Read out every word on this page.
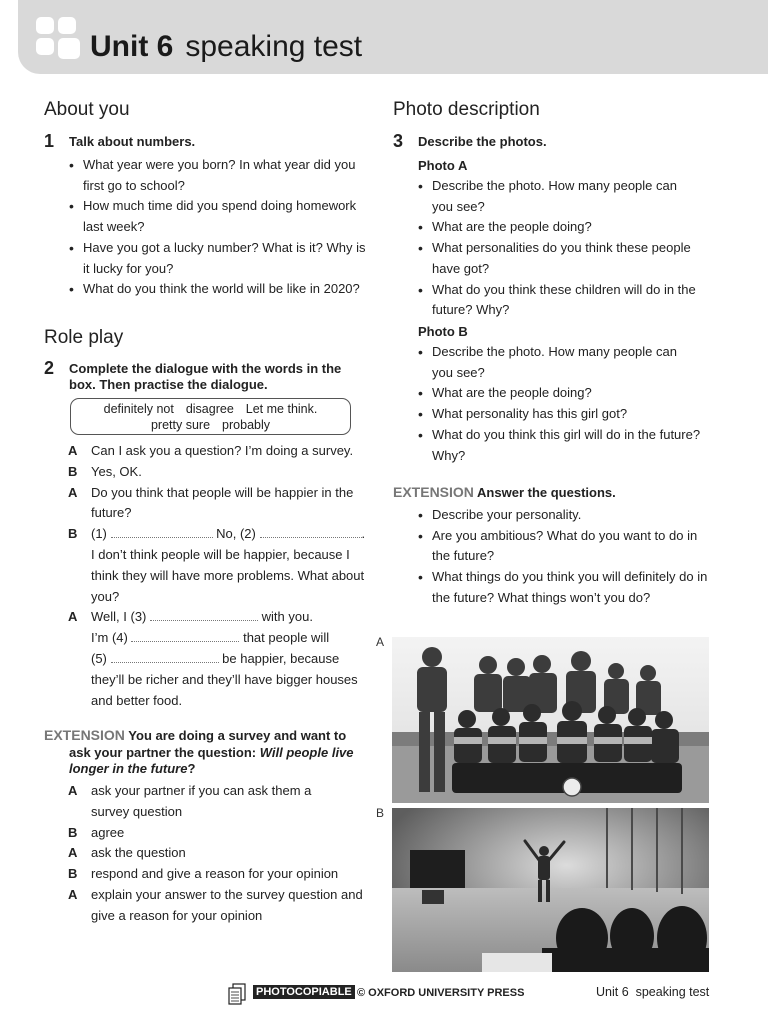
Unit 6 speaking test
About you
1 Talk about numbers.
• What year were you born? In what year did you
first go to school?
• How much time did you spend doing homework
last week?
• Have you got a lucky number? What is it? Why is
it lucky for you?
• What do you think the world will be like in 2020?
Role play
2 Complete the dialogue with the words in the
box. Then practise the dialogue.
definitely not disagree Let me think.
pretty sure probably
A	Can I ask you a question? I’m doing a survey.
B	Yes, OK.
A	Do you think that people will be happier in the
future?
B	(1)	No, (2)	.
I don’t think people will be happier, because I
think they will have more problems. What about
you?
A	Well, I (3)	with you.
I’m (4)	that people will
(5)	be happier, because
they’ll be richer and they’ll have bigger houses
and better food.
EXTENSION You are doing a survey and want to
ask your partner the question: Will people live
longer in the future?
A	ask your partner if you can ask them a
survey question
B	agree
A	ask the question
B	respond and give a reason for your opinion
A	explain your answer to the survey question and
give a reason for your opinion
Photo description
3 Describe the photos.
Photo A
• Describe the photo. How many people can
you see?
• What are the people doing?
• What personalities do you think these people
have got?
• What do you think these children will do in the
future? Why?
Photo B
• Describe the photo. How many people can
you see?
• What are the people doing?
• What personality has this girl got?
• What do you think this girl will do in the future?
Why?
EXTENSION Answer the questions.
• Describe your personality.
• Are you ambitious? What do you want to do in
the future?
• What things do you think you will definitely do in
the future? What things won’t you do?
A
B
PHOTOCOPIABLE © OXFORD UNIVERSITY PRESS	Unit 6 speaking test
